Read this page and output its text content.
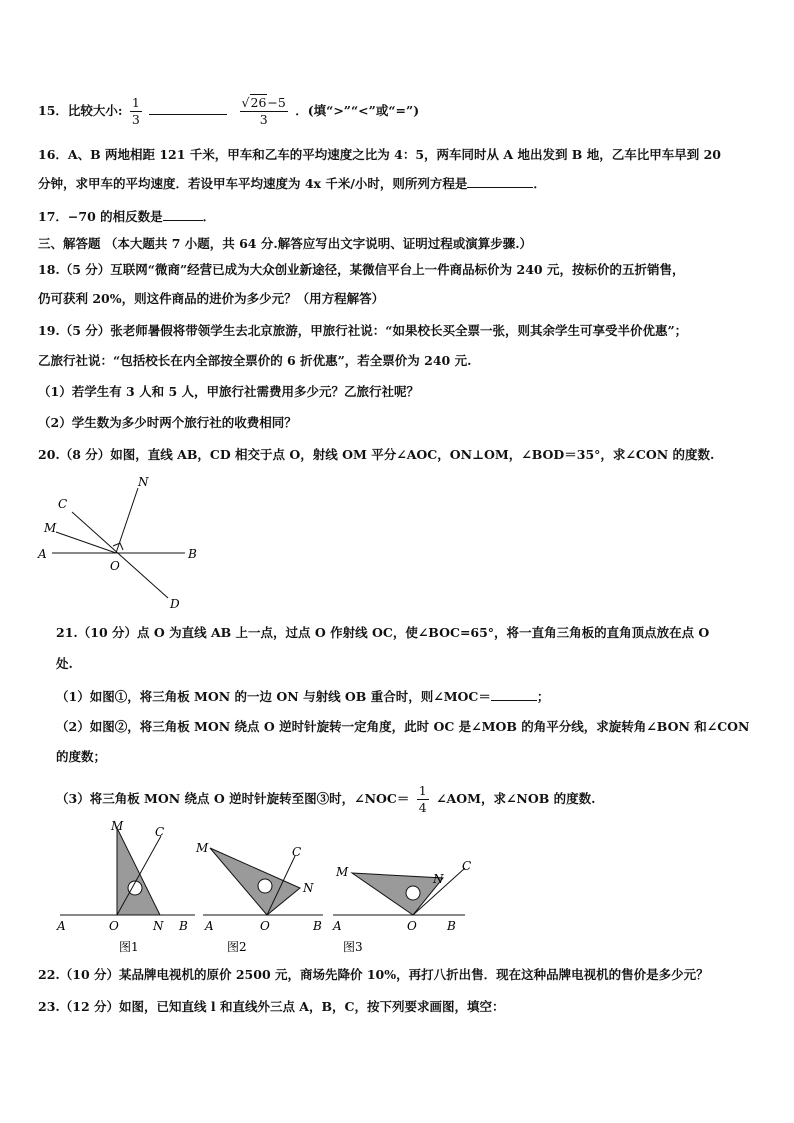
15．比较大小: $\frac{1}{3}$
	$\frac{√26-5}{3}$ ．(填“>”“<”或“=”)
16．A、B 两地相距 121 千米，甲车和乙车的平均速度之比为 4：5，两车同时从 A 地出发到 B 地，乙车比甲车早到 20
分钟，求甲车的平均速度．若设甲车平均速度为 4x 千米/小时，则所列方程是	．
17．−70 的相反数是	．
三、解答题 （本大题共 7 小题，共 64 分.解答应写出文字说明、证明过程或演算步骤.）
18.（5 分）互联网“微商”经营已成为大众创业新途径，某微信平台上一件商品标价为 240 元，按标价的五折销售，
仍可获利 20%，则这件商品的进价为多少元？（用方程解答）
19.（5 分）张老师暑假将带领学生去北京旅游，甲旅行社说：“如果校长买全票一张，则其余学生可享受半价优惠”；
乙旅行社说：“包括校长在内全部按全票价的 6 折优惠”，若全票价为 240 元.
（1）若学生有 3 人和 5 人，甲旅行社需费用多少元？乙旅行社呢？
（2）学生数为多少时两个旅行社的收费相同？
20.（8 分）如图，直线 AB，CD 相交于点 O，射线 OM 平分∠AOC，ON⊥OM，∠BOD＝35°，求∠CON 的度数.
A	B
C
D
M
N
O
21.（10 分）点 O 为直线 AB 上一点，过点 O 作射线 OC，使∠BOC=65°，将一直角三角板的直角顶点放在点 O
处.
（1）如图①，将三角板 MON 的一边 ON 与射线 OB 重合时，则∠MOC＝	；
（2）如图②，将三角板 MON 绕点 O 逆时针旋转一定角度，此时 OC 是∠MOB 的角平分线，求旋转角∠BON 和∠CON
的度数；
（3）将三角板 MON 绕点 O 逆时针旋转至图③时，∠NOC＝ $\frac{1}{4}$ ∠AOM，求∠NOB 的度数.
M	C
A	O	N B
图1
M	C
N
A	O	B
图2
M	N
C
A	O	B
图3
22.（10 分）某品牌电视机的原价 2500 元，商场先降价 10%，再打八折出售．现在这种品牌电视机的售价是多少元？
23.（12 分）如图，已知直线 l 和直线外三点 A，B，C，按下列要求画图，填空：
